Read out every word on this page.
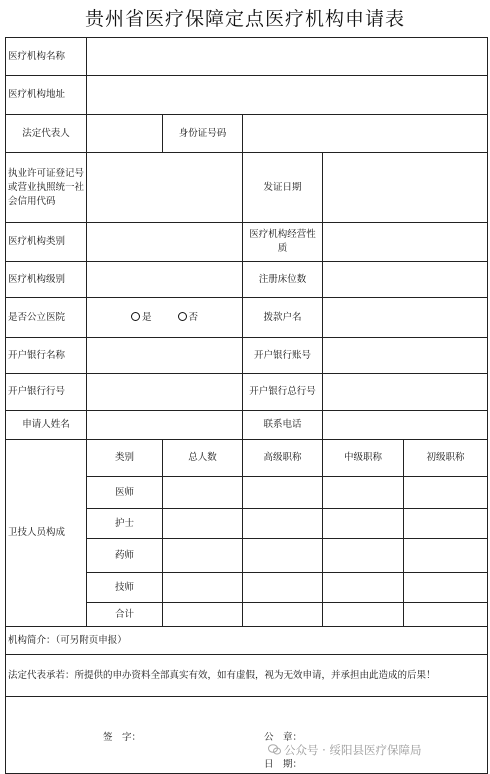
贵州省医疗保障定点医疗机构申请表
医疗机构名称					
医疗机构地址					
法定代表人		身份证号码			
执业许可证登记号或营业执照统一社会信用代码			发证日期		
医疗机构类别			医疗机构经营性质		
医疗机构级别			注册床位数		
是否公立医院	是 否		拨款户名		
开户银行名称			开户银行账号		
开户银行行号			开户银行总行号		
申请人姓名			联系电话		
卫技人员构成	类别	总人数	高级职称	中级职称	初级职称
	医师				
	护士				
	药师				
	技师				
	合计				
机构简介：（可另附页申报）					
法定代表承若：所提供的申办资料全部真实有效，如有虚假，视为无效申请，并承担由此造成的后果！					

签　字： 公　章：
日　期：					
公众号 · 绥阳县医疗保障局
